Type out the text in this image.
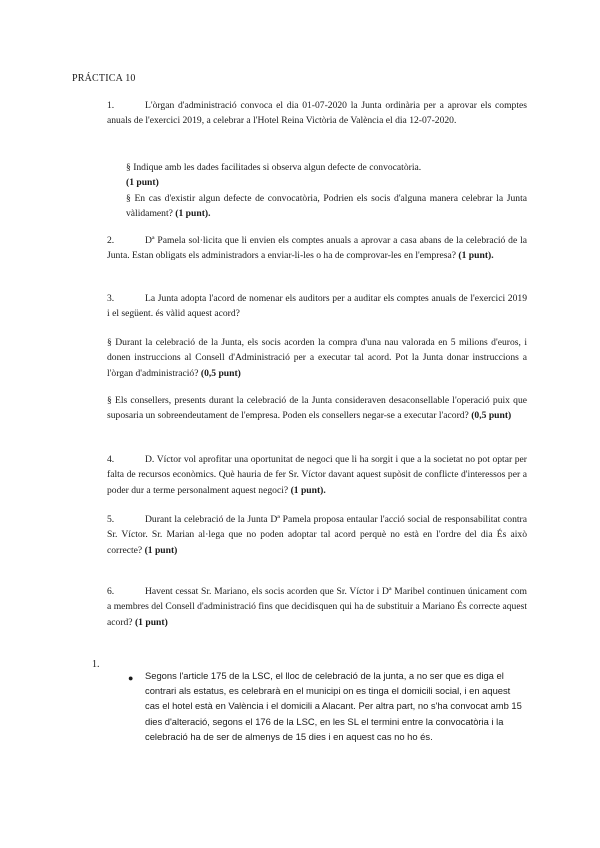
PRÁCTICA 10
1.	L'òrgan d'administració convoca el dia 01-07-2020 la Junta ordinària per a aprovar els comptes anuals de l'exercici 2019, a celebrar a l'Hotel Reina Victòria de València el dia 12-07-2020.
§ Indique amb les dades facilitades si observa algun defecte de convocatòria.
(1 punt)
§ En cas d'existir algun defecte de convocatòria, Podrien els socis d'alguna manera celebrar la Junta vàlidament? (1 punt).
2.	Dª Pamela sol·licita que li envien els comptes anuals a aprovar a casa abans de la celebració de la Junta. Estan obligats els administradors a enviar-li-les o ha de comprovar-les en l'empresa? (1 punt).
3.	La Junta adopta l'acord de nomenar els auditors per a auditar els comptes anuals de l'exercici 2019 i el següent. és vàlid aquest acord?
§ Durant la celebració de la Junta, els socis acorden la compra d'una nau valorada en 5 milions d'euros, i donen instruccions al Consell d'Administració per a executar tal acord. Pot la Junta donar instruccions a l'òrgan d'administració? (0,5 punt)
§ Els consellers, presents durant la celebració de la Junta consideraven desaconsellable l'operació puix que suposaria un sobreendeutament de l'empresa. Poden els consellers negar-se a executar l'acord? (0,5 punt)
4.	D. Víctor vol aprofitar una oportunitat de negoci que li ha sorgit i que a la societat no pot optar per falta de recursos econòmics. Què hauria de fer Sr. Víctor davant aquest supòsit de conflicte d'interessos per a poder dur a terme personalment aquest negoci? (1 punt).
5.	Durant la celebració de la Junta Dª Pamela proposa entaular l'acció social de responsabilitat contra Sr. Víctor. Sr. Marian al·lega que no poden adoptar tal acord perquè no està en l'ordre del dia És això correcte? (1 punt)
6.	Havent cessat Sr. Mariano, els socis acorden que Sr. Víctor i Dª Maribel continuen únicament com a membres del Consell d'administració fins que decidisquen qui ha de substituir a Mariano És correcte aquest acord? (1 punt)
1.
● Segons l'article 175 de la LSC, el lloc de celebració de la junta, a no ser que es diga el contrari als estatus, es celebrarà en el municipi on es tinga el domicili social, i en aquest cas el hotel està en València i el domicili a Alacant. Per altra part, no s'ha convocat amb 15 dies d'alteració, segons el 176 de la LSC, en les SL el termini entre la convocatòria i la celebració ha de ser de almenys de 15 dies i en aquest cas no ho és.
